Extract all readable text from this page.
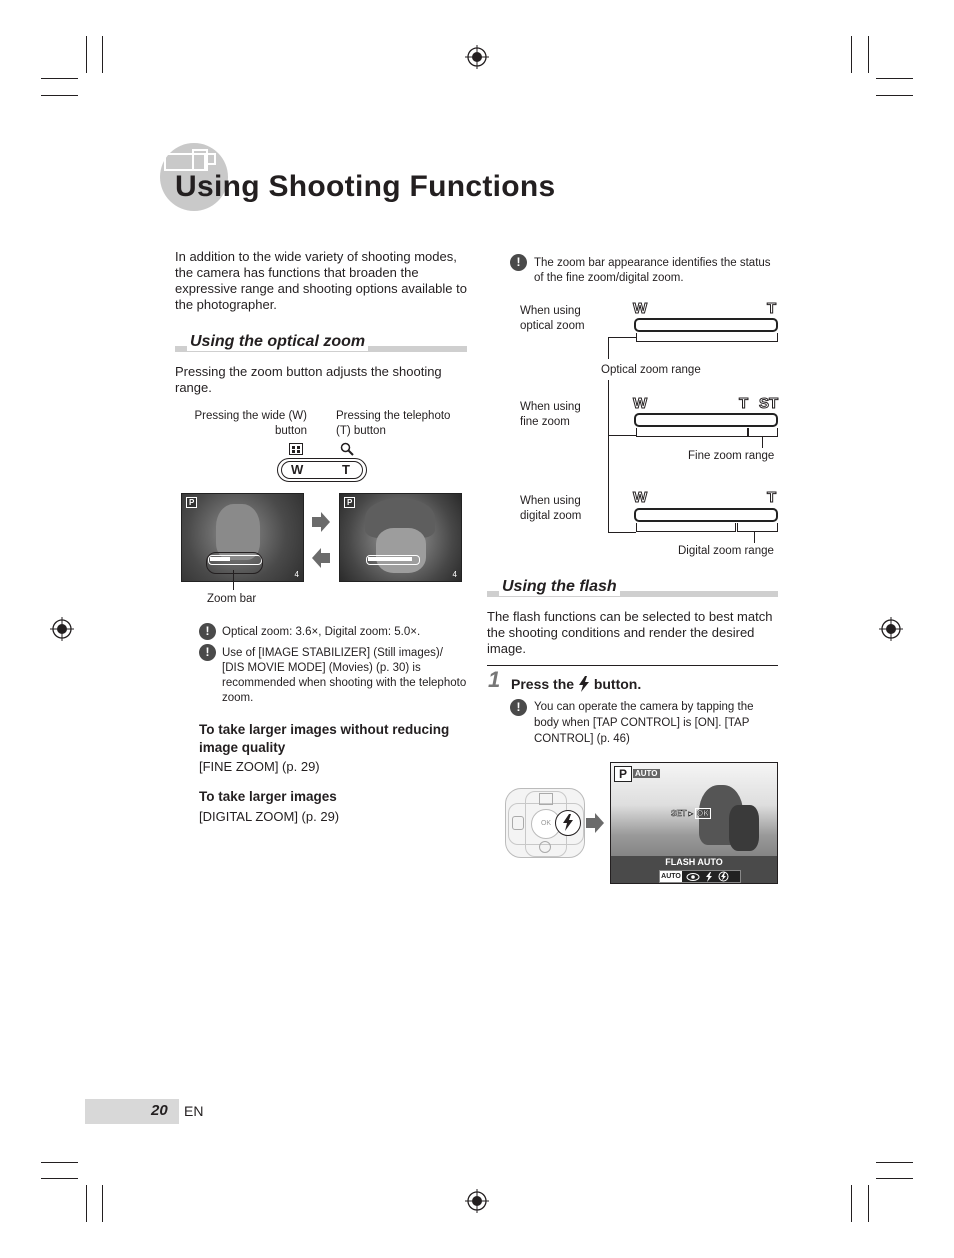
Using Shooting Functions
In addition to the wide variety of shooting modes, the camera has functions that broaden the expressive range and shooting options available to the photographer.
Using the optical zoom
Pressing the zoom button adjusts the shooting range.
Pressing the wide (W) button
Pressing the telephoto (T) button
W	T
P
4
P
4
Zoom bar
!	Optical zoom: 3.6×, Digital zoom: 5.0×.
!	Use of [IMAGE STABILIZER] (Still images)/ [DIS MOVIE MODE] (Movies) (p. 30) is recommended when shooting with the telephoto zoom.
To take larger images without reducing image quality
[FINE ZOOM] (p. 29)
To take larger images
[DIGITAL ZOOM] (p. 29)
!	The zoom bar appearance identifies the status of the fine zoom/digital zoom.
When using optical zoom
W	T
Optical zoom range
When using fine zoom
W	T ST
Fine zoom range
When using digital zoom
W	T
Digital zoom range
Using the flash
The flash functions can be selected to best match the shooting conditions and render the desired image.
1 Press the button.
!	You can operate the camera by tapping the body when [TAP CONTROL] is [ON]. [TAP CONTROL] (p. 46)
OK
P	AUTO
SET ▸ OK
FLASH AUTO
AUTO
20 EN
